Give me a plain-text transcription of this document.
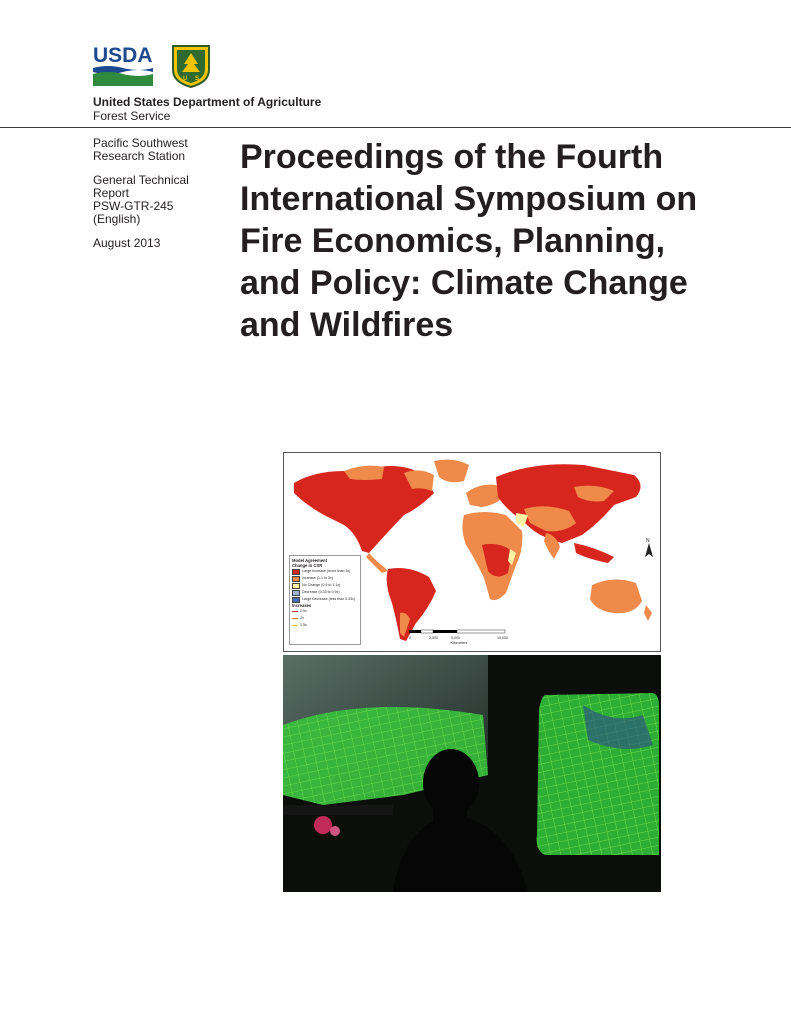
USDA
U S
United States Department of Agriculture
Forest Service
Pacific Southwest
Research Station
General Technical
Report
PSW-GTR-245
(English)
August 2013
Proceedings of the Fourth
International Symposium on
Fire Economics, Planning,
and Policy: Climate Change
and Wildfires
N
Model Agreement
Change in CSR
Large Increase (more than 3x)
Increase (1.1 to 3x)
No Change (0.9 to 1.1x)
Decrease (0.33 to 0.9x)
Large Decrease (less than 0.33x)
Increases
2.5x
2x
1.5x
0	2,500	5,000	10,000
Kilometers
